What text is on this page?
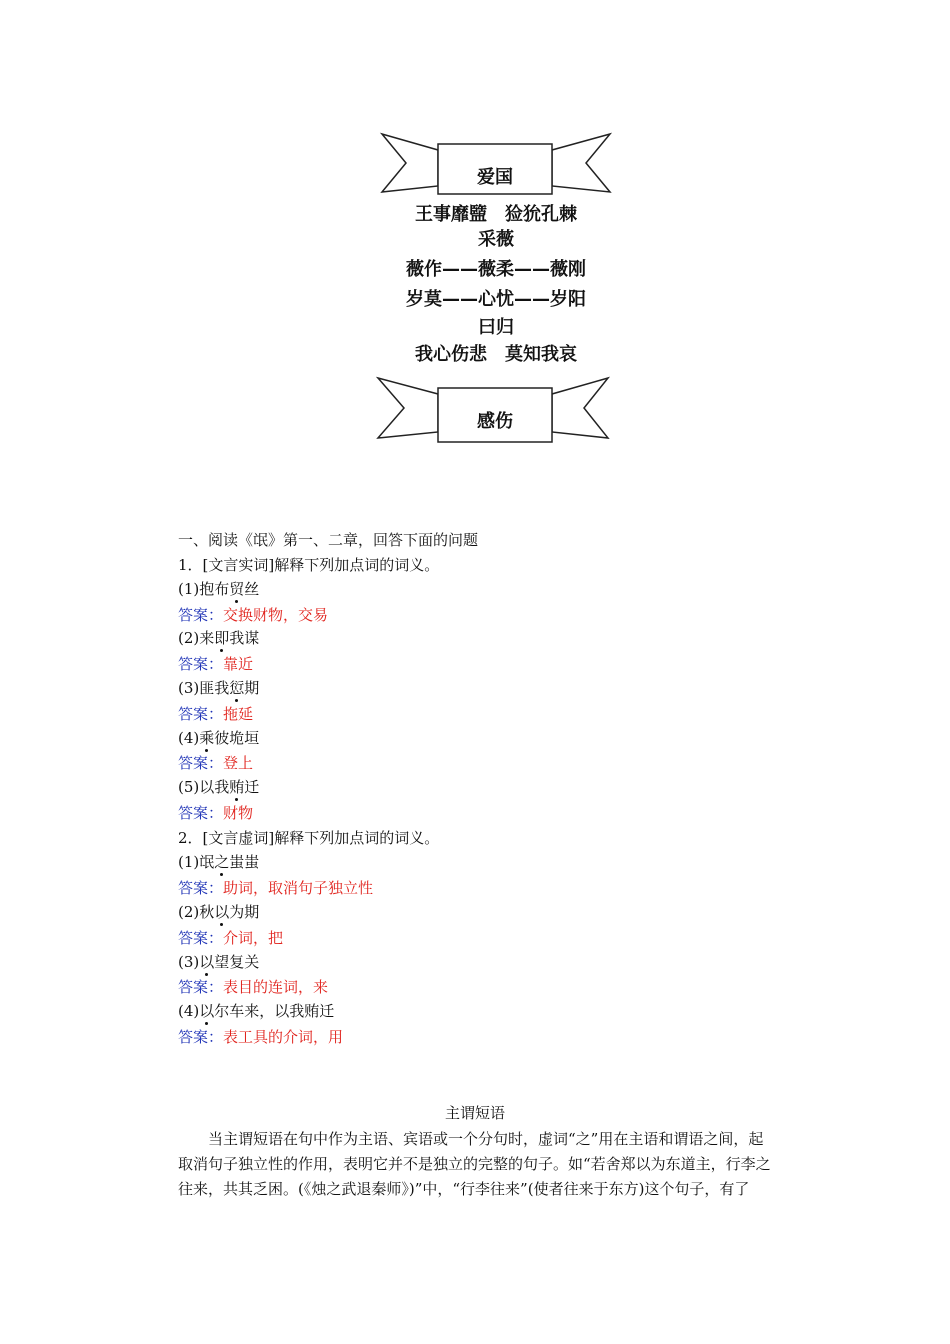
爱国
王事靡盬　猃狁孔棘
采薇
薇作——薇柔——薇刚
岁莫——心忧——岁阳
曰归
我心伤悲　莫知我哀
感伤
一、阅读《氓》第一、二章，回答下面的问题
1．[文言实词]解释下列加点词的词义。
(1)抱布贸丝
答案：交换财物，交易
(2)来即我谋
答案：靠近
(3)匪我愆期
答案：拖延
(4)乘彼垝垣
答案：登上
(5)以我贿迁
答案：财物
2．[文言虚词]解释下列加点词的词义。
(1)氓之蚩蚩
答案：助词，取消句子独立性
(2)秋以为期
答案：介词，把
(3)以望复关
答案：表目的连词，来
(4)以尔车来，以我贿迁
答案：表工具的介词，用
主谓短语
　　当主谓短语在句中作为主语、宾语或一个分句时，虚词“之”用在主语和谓语之间，起
取消句子独立性的作用，表明它并不是独立的完整的句子。如“若舍郑以为东道主，行李之
往来，共其乏困。(《烛之武退秦师》)”中，“行李往来”(使者往来于东方)这个句子，有了
